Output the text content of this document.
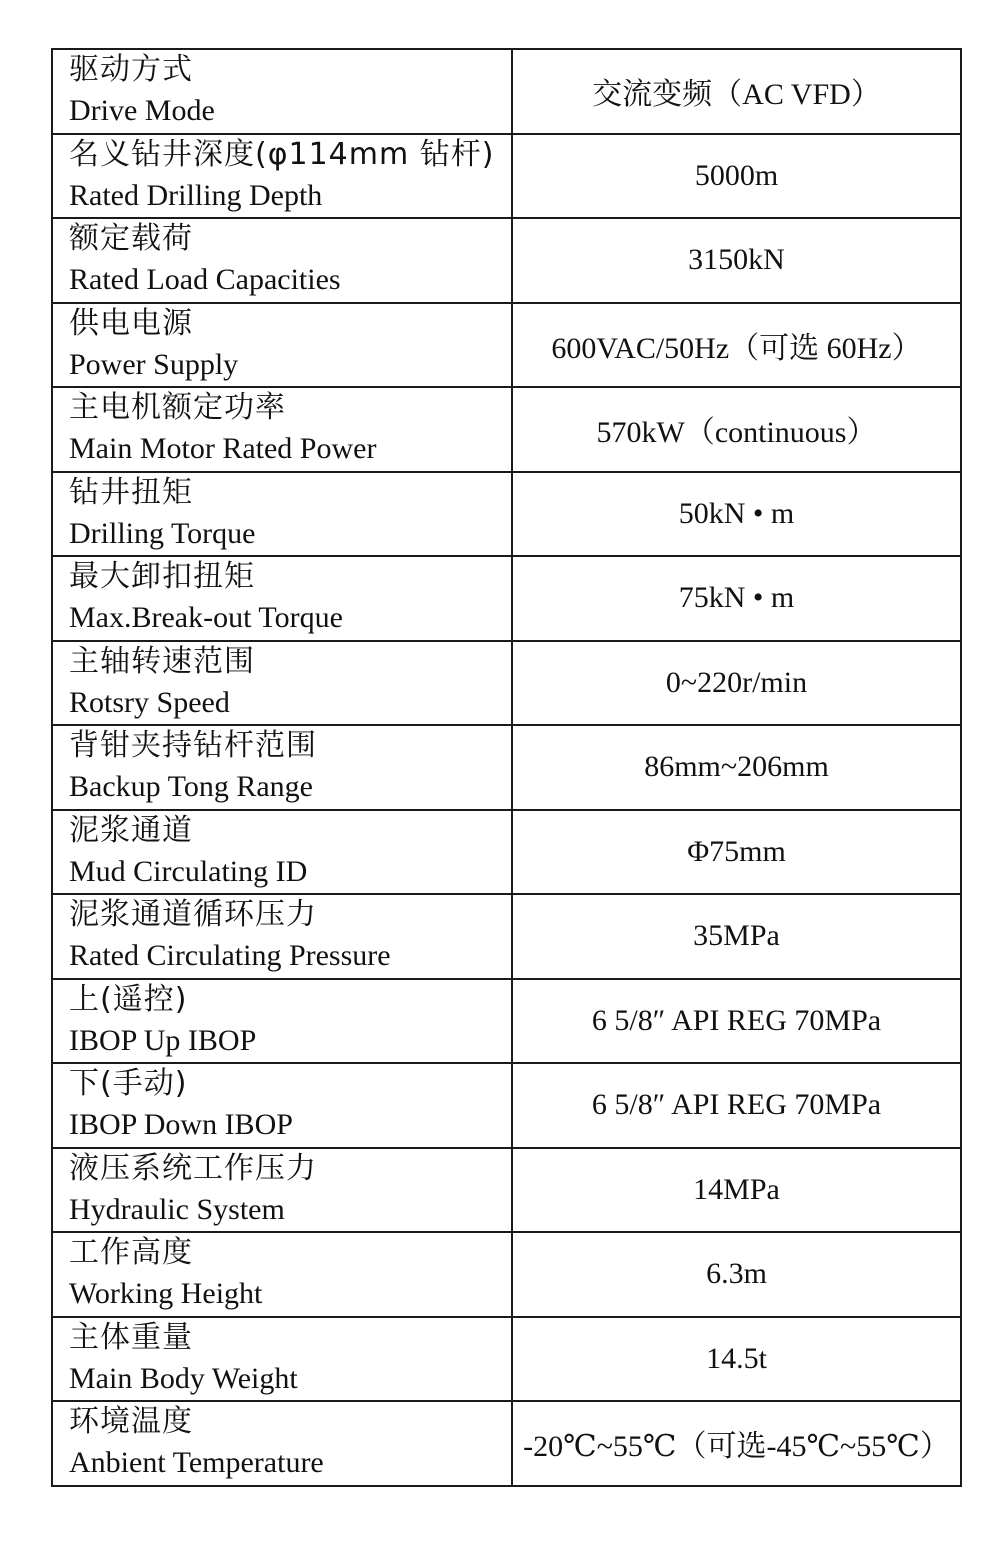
驱动方式
Drive Mode	交流变频（AC VFD）

名义钻井深度(φ114mm 钻杆)
Rated Drilling Depth	5000m

额定载荷
Rated Load Capacities	3150kN

供电电源
Power Supply	600VAC/50Hz（可选 60Hz）

主电机额定功率
Main Motor Rated Power	570kW（continuous）

钻井扭矩
Drilling Torque	50kN • m

最大卸扣扭矩
Max.Break-out Torque	75kN • m

主轴转速范围
Rotsry Speed	0~220r/min

背钳夹持钻杆范围
Backup Tong Range	86mm~206mm

泥浆通道
Mud Circulating ID	Φ75mm

泥浆通道循环压力
Rated Circulating Pressure	35MPa

上(遥控)
IBOP Up IBOP	6 5/8″ API REG 70MPa

下(手动)
IBOP Down IBOP	6 5/8″ API REG 70MPa

液压系统工作压力
Hydraulic System	14MPa

工作高度
Working Height	6.3m

主体重量
Main Body Weight	14.5t

环境温度
Anbient Temperature	-20℃~55℃（可选-45℃~55℃）
